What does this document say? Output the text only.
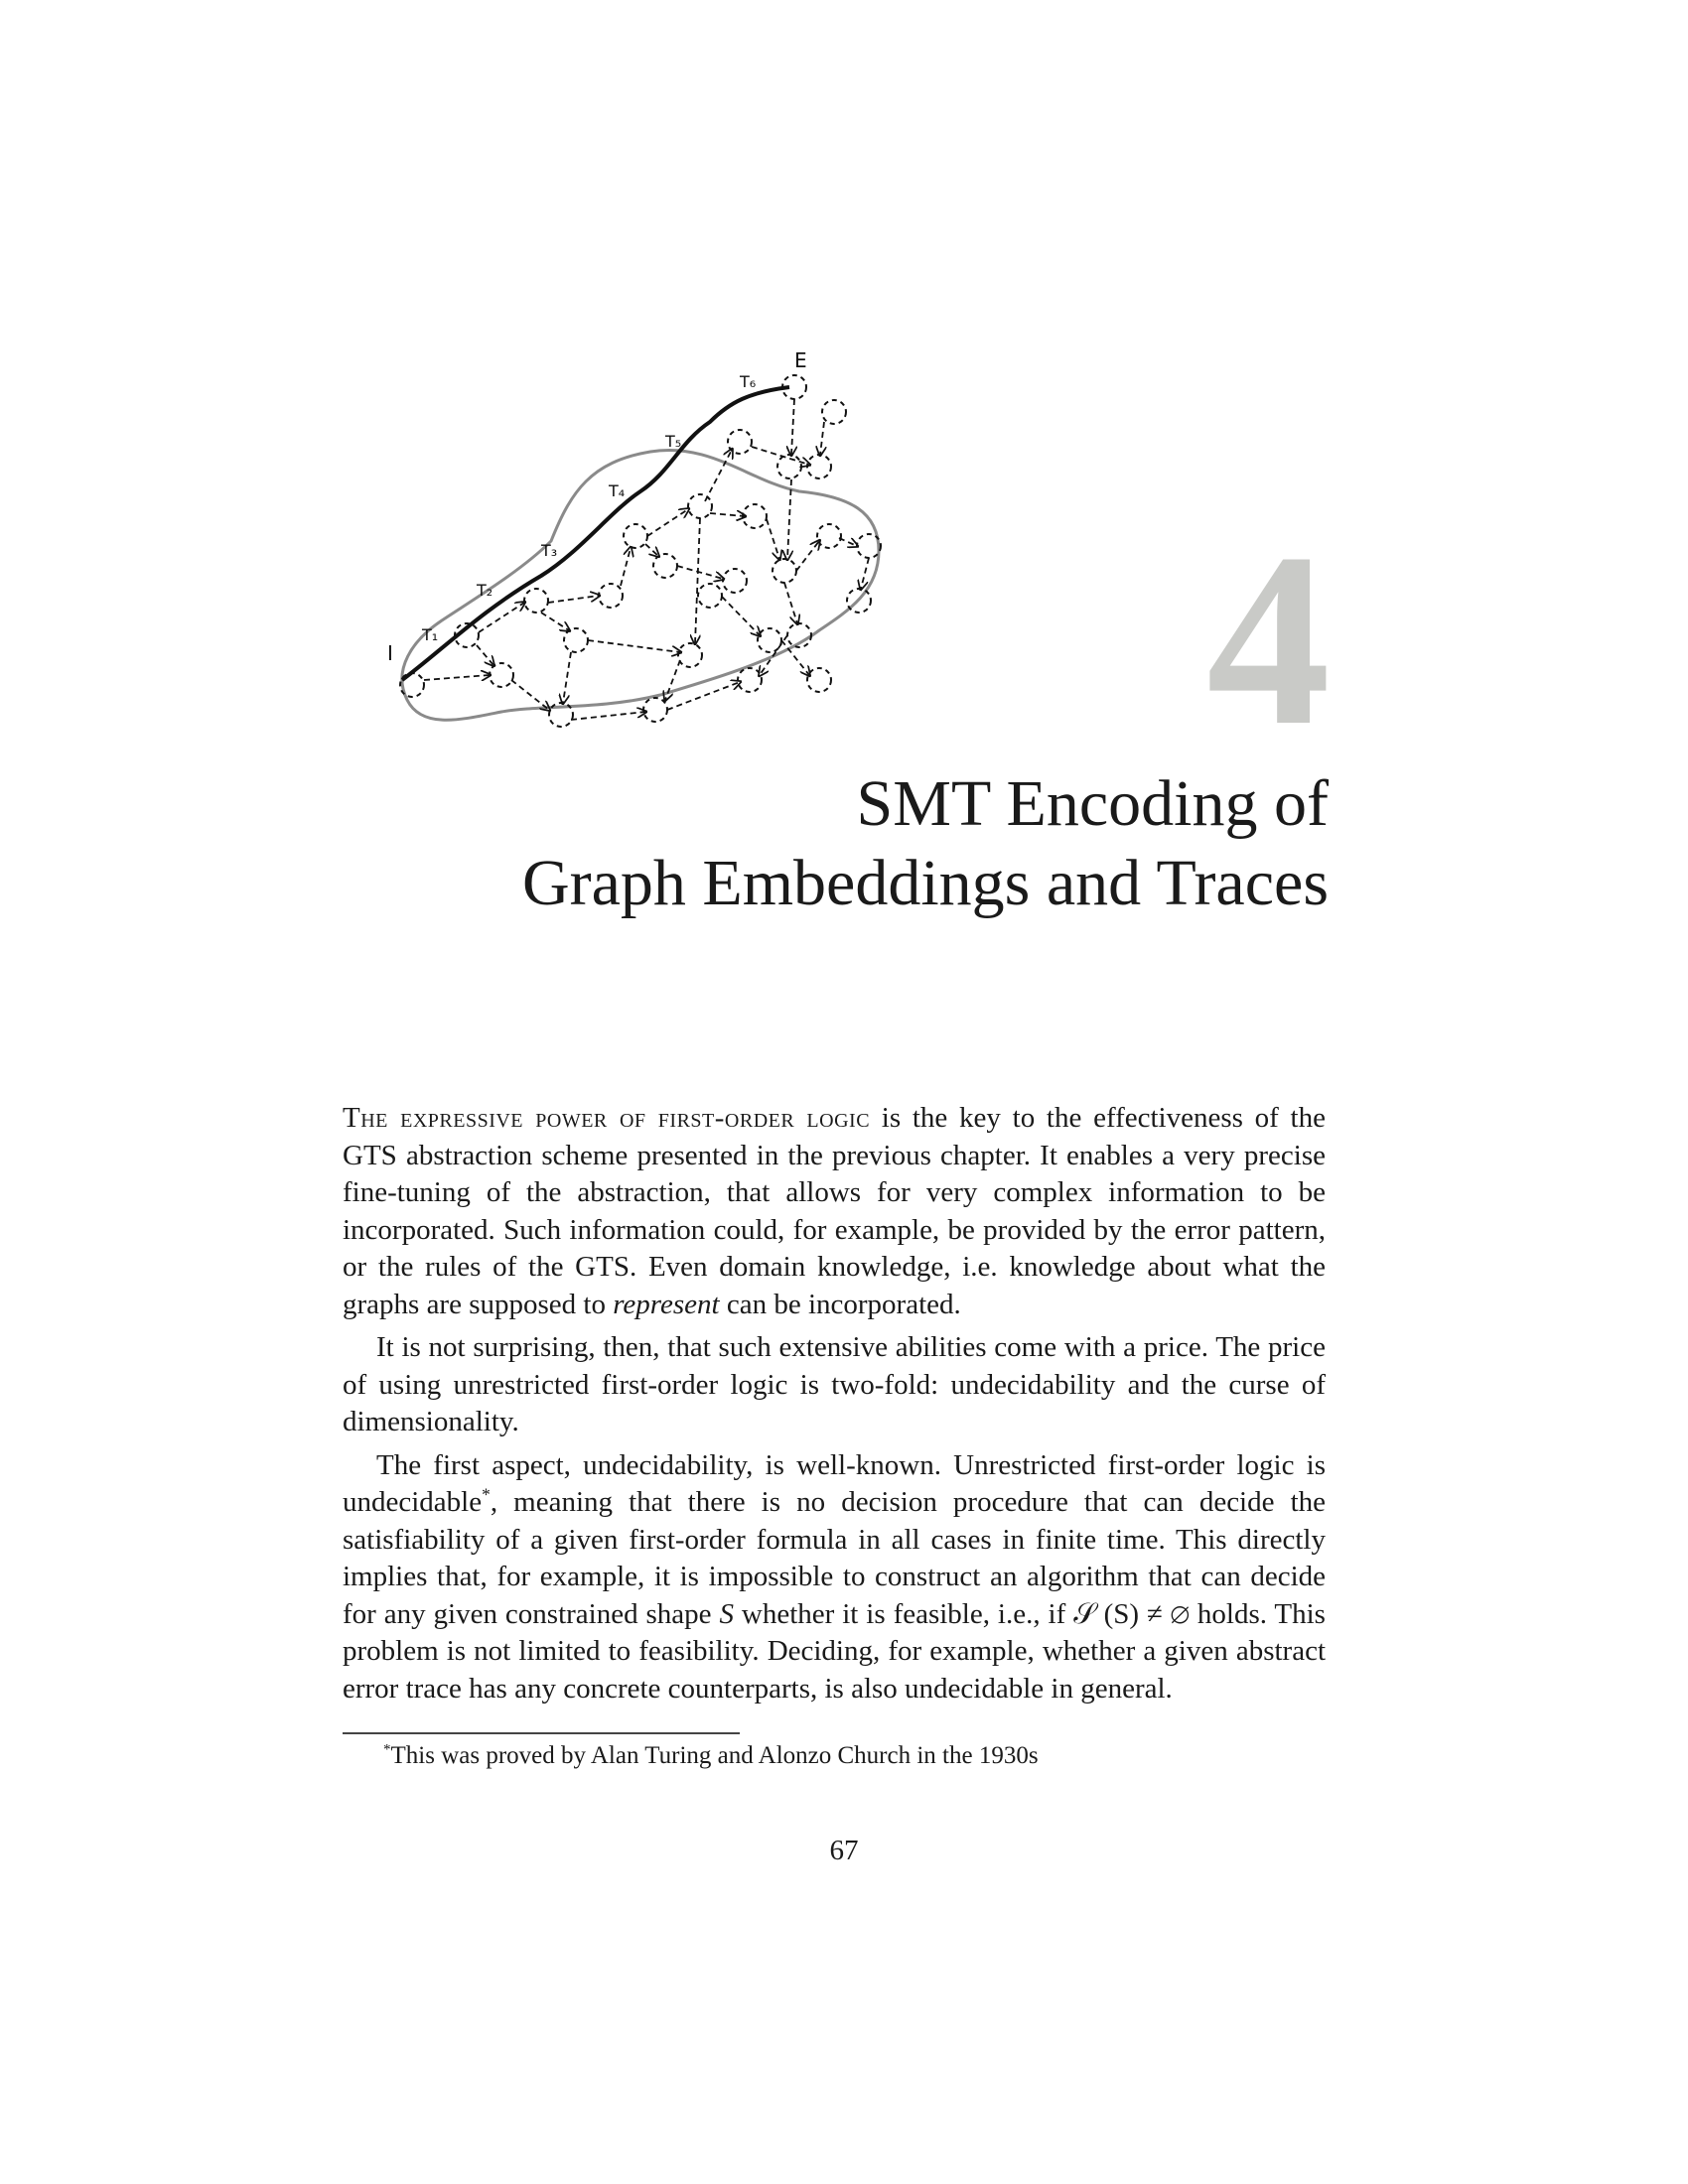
I
T₁
T₂
T₃
T₄
T₅
T₆
E
4
SMT Encoding of
Graph Embeddings and Traces

The expressive power of first-order logic is the key to the effectiveness of the GTS abstraction scheme presented in the previous chapter. It enables a very precise fine-tuning of the abstraction, that allows for very complex information to be incorporated. Such information could, for example, be provided by the error pattern, or the rules of the GTS. Even domain knowledge, i.e. knowledge about what the graphs are supposed to represent can be incorporated.

It is not surprising, then, that such extensive abilities come with a price. The price of using unrestricted first-order logic is two-fold: undecidability and the curse of dimensionality.

The first aspect, undecidability, is well-known. Unrestricted first-order logic is undecidable*, meaning that there is no decision procedure that can decide the satisfiability of a given first-order formula in all cases in finite time. This directly implies that, for example, it is impossible to construct an algorithm that can decide for any given constrained shape S whether it is feasible, i.e., if 𝒮 (S) ≠ ∅ holds. This problem is not limited to feasibility. Deciding, for example, whether a given abstract error trace has any concrete counterparts, is also undecidable in general.

*This was proved by Alan Turing and Alonzo Church in the 1930s
67
